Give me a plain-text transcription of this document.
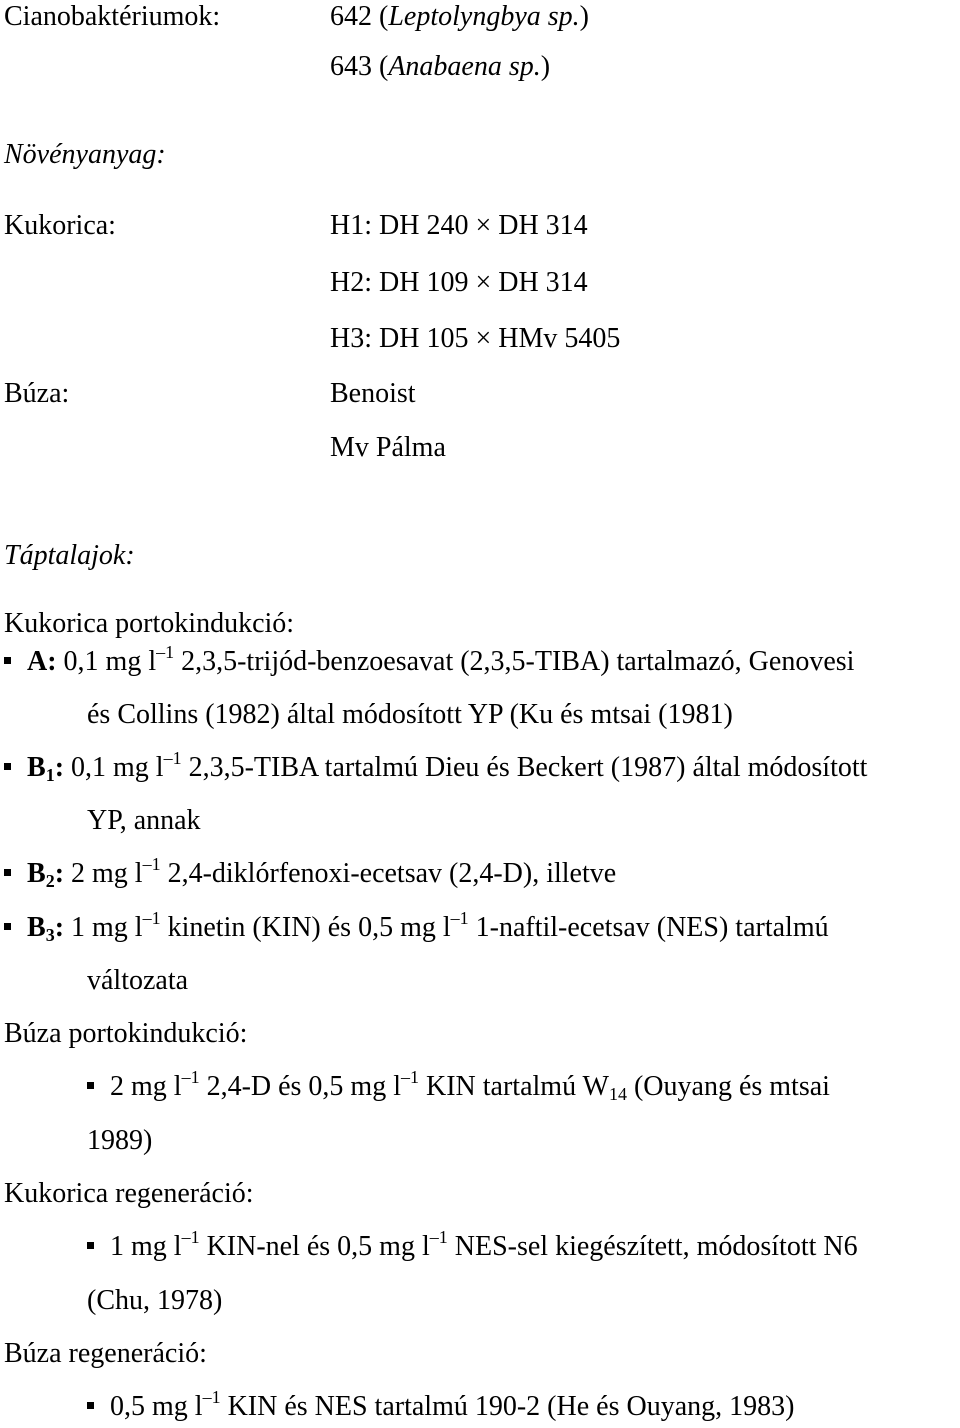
Cianobaktériumok:	642 (Leptolyngbya sp.)
643 (Anabaena sp.)
Növényanyag:
Kukorica:	H1: DH 240 × DH 314
H2: DH 109 × DH 314
H3: DH 105 × HMv 5405
Búza:	Benoist
Mv Pálma
Táptalajok:
Kukorica portokindukció:
A: 0,1 mg $l^{-1}$ 2,3,5-trijód-benzoesavat (2,3,5-TIBA) tartalmazó, Genovesi
és Collins (1982) által módosított YP (Ku és mtsai (1981)
$B_1$: 0,1 mg $l^{-1}$ 2,3,5-TIBA tartalmú Dieu és Beckert (1987) által módosított
YP, annak
$B_2$: 2 mg $l^{-1}$ 2,4-diklórfenoxi-ecetsav (2,4-D), illetve
$B_3$: 1 mg $l^{-1}$ kinetin (KIN) és 0,5 mg $l^{-1}$ 1-naftil-ecetsav (NES) tartalmú
változata
Búza portokindukció:
2 mg $l^{-1}$ 2,4-D és 0,5 mg $l^{-1}$ KIN tartalmú $W_{14}$ (Ouyang és mtsai
1989)
Kukorica regeneráció:
1 mg $l^{-1}$ KIN-nel és 0,5 mg $l^{-1}$ NES-sel kiegészített, módosított N6
(Chu, 1978)
Búza regeneráció:
0,5 mg $l^{-1}$ KIN és NES tartalmú 190-2 (He és Ouyang, 1983)
